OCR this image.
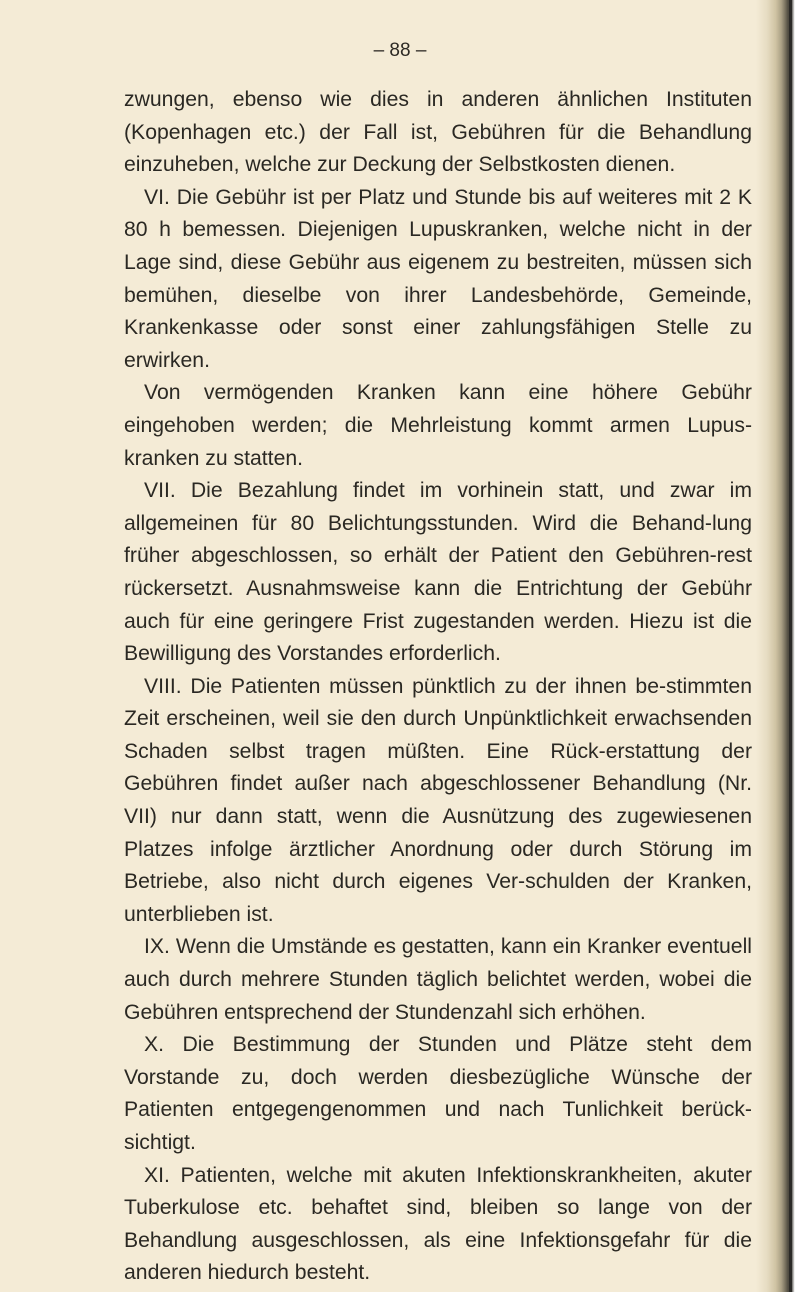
– 88 –

zwungen, ebenso wie dies in anderen ähnlichen Instituten (Kopenhagen etc.) der Fall ist, Gebühren für die Behandlung einzuheben, welche zur Deckung der Selbstkosten dienen.

VI. Die Gebühr ist per Platz und Stunde bis auf weiteres mit 2 K 80 h bemessen. Diejenigen Lupuskranken, welche nicht in der Lage sind, diese Gebühr aus eigenem zu bestreiten, müssen sich bemühen, dieselbe von ihrer Landesbehörde, Gemeinde, Krankenkasse oder sonst einer zahlungsfähigen Stelle zu erwirken.

Von vermögenden Kranken kann eine höhere Gebühr eingehoben werden; die Mehrleistung kommt armen Lupus-kranken zu statten.

VII. Die Bezahlung findet im vorhinein statt, und zwar im allgemeinen für 80 Belichtungsstunden. Wird die Behand-lung früher abgeschlossen, so erhält der Patient den Gebühren-rest rückersetzt. Ausnahmsweise kann die Entrichtung der Gebühr auch für eine geringere Frist zugestanden werden. Hiezu ist die Bewilligung des Vorstandes erforderlich.

VIII. Die Patienten müssen pünktlich zu der ihnen be-stimmten Zeit erscheinen, weil sie den durch Unpünktlichkeit erwachsenden Schaden selbst tragen müßten. Eine Rück-erstattung der Gebühren findet außer nach abgeschlossener Behandlung (Nr. VII) nur dann statt, wenn die Ausnützung des zugewiesenen Platzes infolge ärztlicher Anordnung oder durch Störung im Betriebe, also nicht durch eigenes Ver-schulden der Kranken, unterblieben ist.

IX. Wenn die Umstände es gestatten, kann ein Kranker eventuell auch durch mehrere Stunden täglich belichtet werden, wobei die Gebühren entsprechend der Stundenzahl sich erhöhen.

X. Die Bestimmung der Stunden und Plätze steht dem Vorstande zu, doch werden diesbezügliche Wünsche der Patienten entgegengenommen und nach Tunlichkeit berück-sichtigt.

XI. Patienten, welche mit akuten Infektionskrankheiten, akuter Tuberkulose etc. behaftet sind, bleiben so lange von der Behandlung ausgeschlossen, als eine Infektionsgefahr für die anderen hiedurch besteht.
